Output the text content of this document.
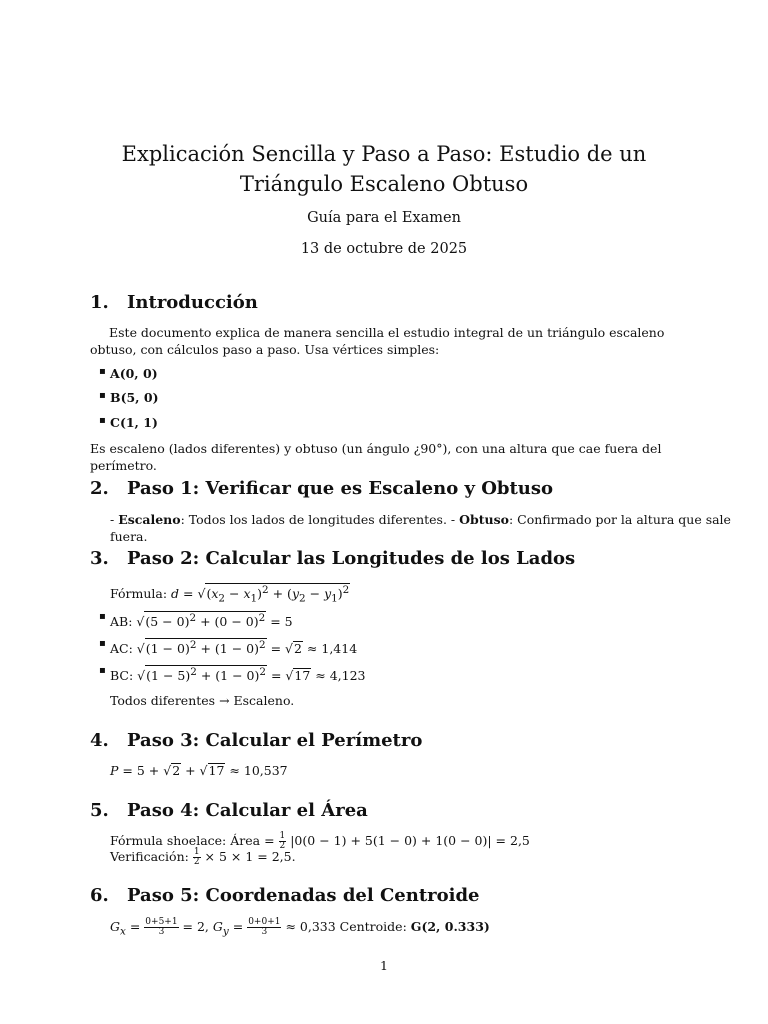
Explicación Sencilla y Paso a Paso: Estudio de un Triángulo Escaleno Obtuso
Guía para el Examen
13 de octubre de 2025
1. Introducción
Este documento explica de manera sencilla el estudio integral de un triángulo escaleno obtuso, con cálculos paso a paso. Usa vértices simples:
▪ A(0, 0)
▪ B(5, 0)
▪ C(1, 1)
Es escaleno (lados diferentes) y obtuso (un ángulo ¿90°), con una altura que cae fuera del perímetro.
2. Paso 1: Verificar que es Escaleno y Obtuso
- Escaleno: Todos los lados de longitudes diferentes. - Obtuso: Confirmado por la altura que sale fuera.
3. Paso 2: Calcular las Longitudes de los Lados
Fórmula: $d = √(x_2 - x_1)^2 + (y_2 - y_1)^2$
▪ AB: $√(5 - 0)^2 + (0 - 0)^2 = 5$
▪ AC: $√(1 - 0)^2 + (1 - 0)^2 = √2 \approx 1,414$
▪ BC: $√(1 - 5)^2 + (1 - 0)^2 = √17 \approx 4,123$
Todos diferentes → Escaleno.
4. Paso 3: Calcular el Perímetro
P = 5 + √2 + √17 ≈ 10,537
5. Paso 4: Calcular el Área
Fórmula shoelace: Área = $\frac{1}{2} |0(0 - 1) + 5(1 - 0) + 1(0 - 0)| = 2,5$
Verificación: $\frac{1}{2} \times 5 \times 1 = 2,5$.
6. Paso 5: Coordenadas del Centroide
$G_x = \frac{0+5+1}{3} = 2$, $G_y = \frac{0+0+1}{3} \approx 0,333$ Centroide: G(2, 0.333)
1
